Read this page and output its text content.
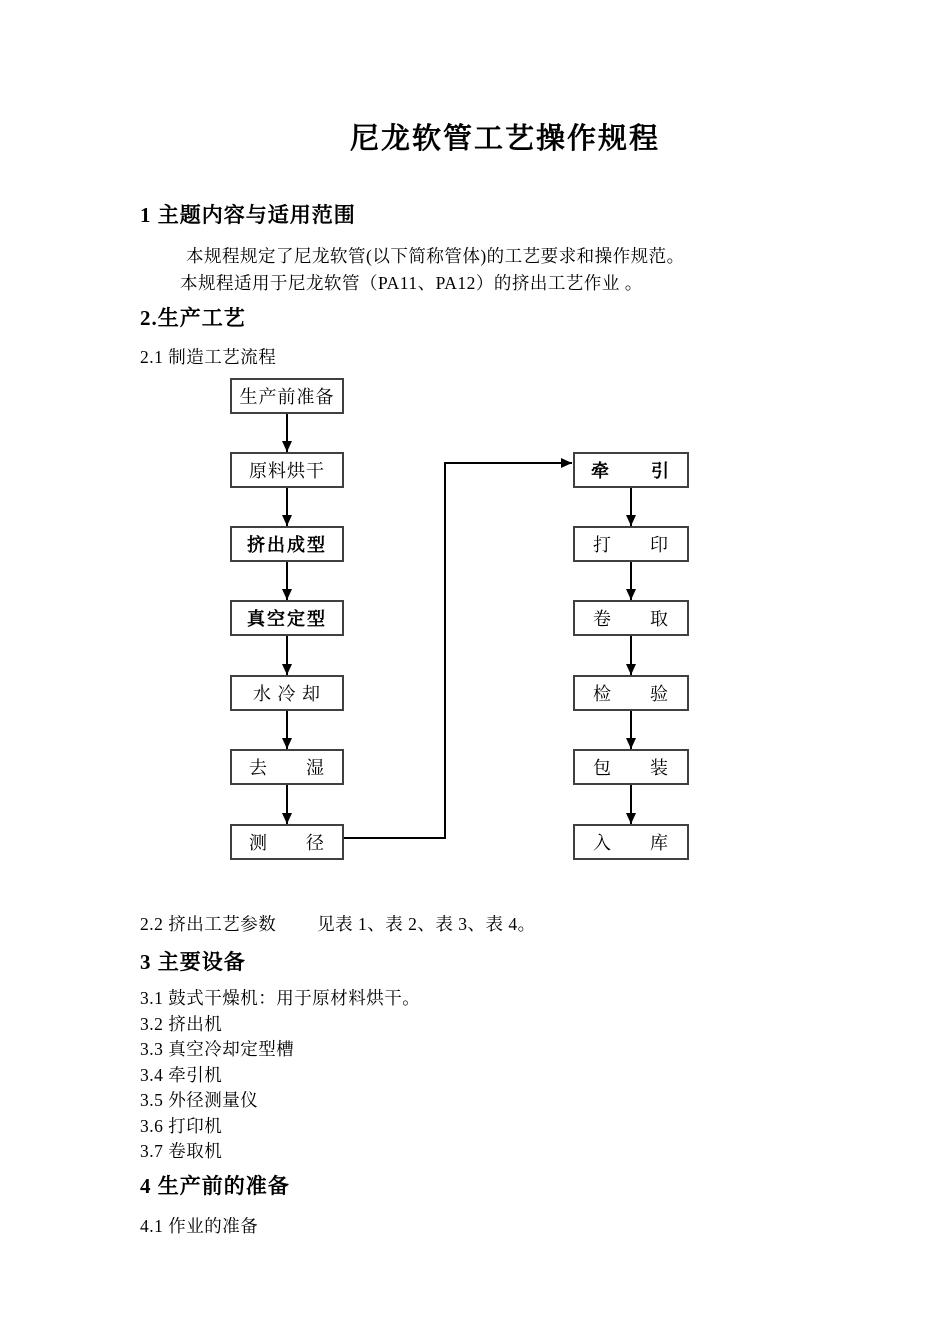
尼龙软管工艺操作规程
1 主题内容与适用范围
本规程规定了尼龙软管(以下简称管体)的工艺要求和操作规范。
本规程适用于尼龙软管（PA11、PA12）的挤出工艺作业 。
2.生产工艺
2.1 制造工艺流程
生产前准备
原料烘干
挤出成型
真空定型
水 冷 却
去　　湿
测　　径
牵　　引
打　　印
卷　　取
检　　验
包　　装
入　　库
2.2 挤出工艺参数　　 见表 1、表 2、表 3、表 4。
3 主要设备
3.1 鼓式干燥机：用于原材料烘干。
3.2 挤出机
3.3 真空冷却定型槽
3.4 牵引机
3.5 外径测量仪
3.6 打印机
3.7 卷取机
4 生产前的准备
4.1 作业的准备
